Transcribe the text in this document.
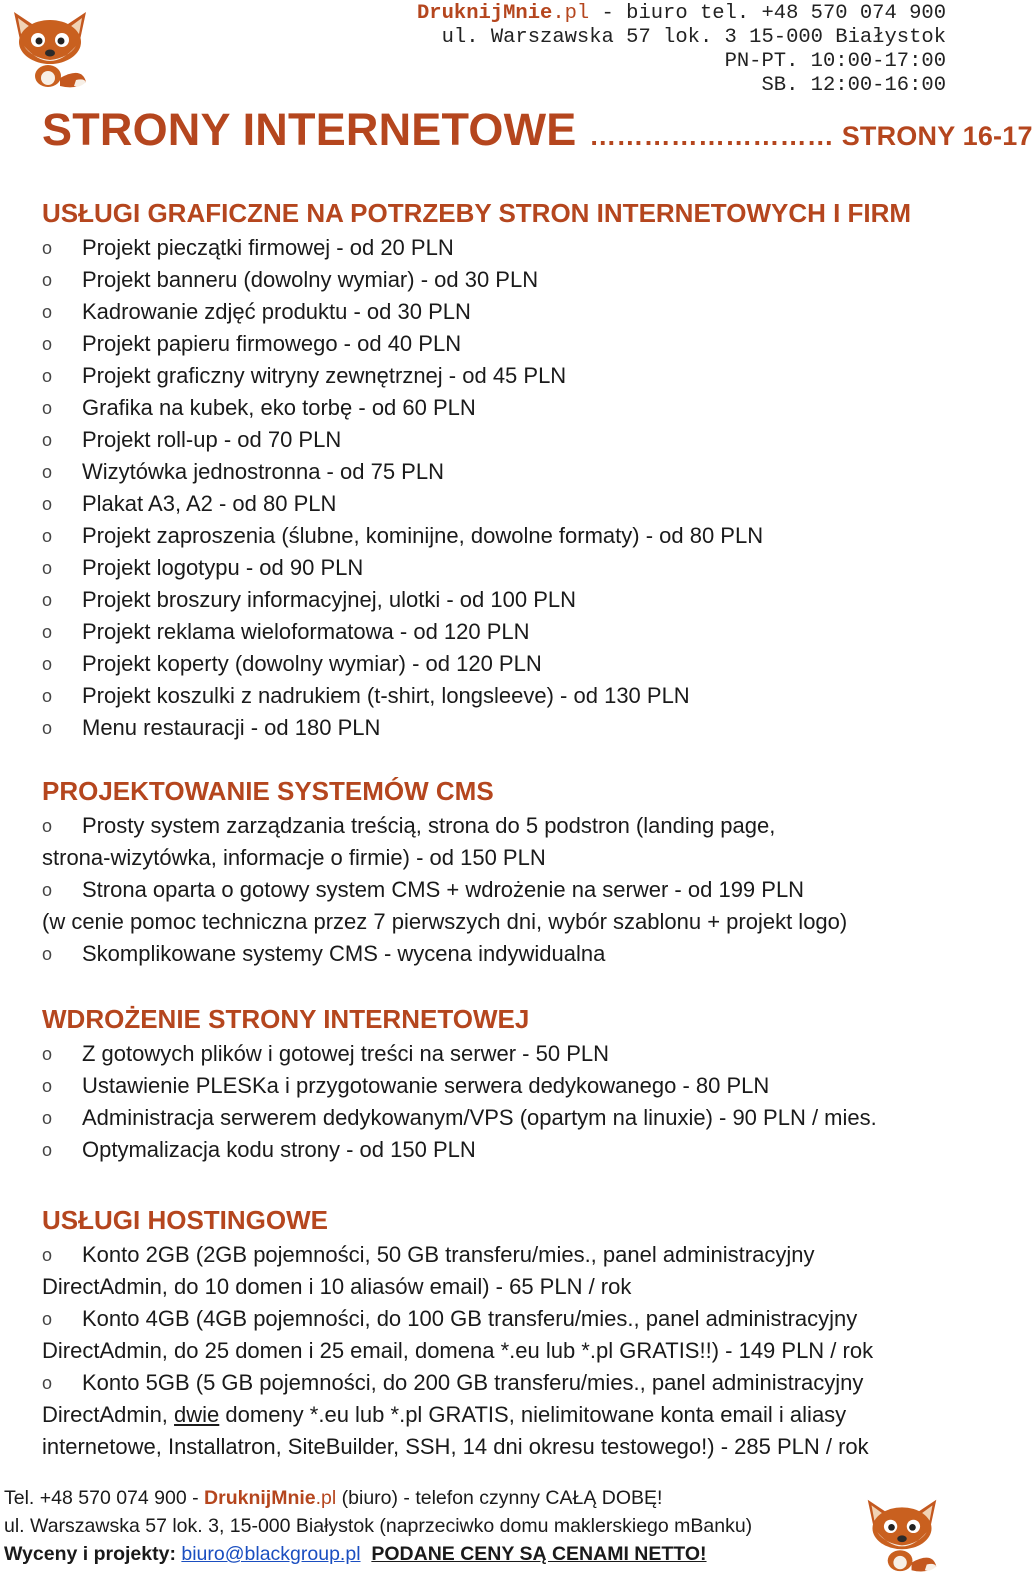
DruknijMnie.pl - biuro tel. +48 570 074 900
ul. Warszawska 57 lok. 3 15-000 Białystok
PN-PT. 10:00-17:00
SB. 12:00-16:00
STRONY INTERNETOWE ……………………… STRONY 16-17
USŁUGI GRAFICZNE NA POTRZEBY STRON INTERNETOWYCH I FIRM
o	Projekt pieczątki firmowej - od 20 PLN
o	Projekt banneru (dowolny wymiar) - od 30 PLN
o	Kadrowanie zdjęć produktu - od 30 PLN
o	Projekt papieru firmowego - od 40 PLN
o	Projekt graficzny witryny zewnętrznej - od 45 PLN
o	Grafika na kubek, eko torbę - od 60 PLN
o	Projekt roll-up - od 70 PLN
o	Wizytówka jednostronna - od 75 PLN
o	Plakat A3, A2 - od 80 PLN
o	Projekt zaproszenia (ślubne, kominijne, dowolne formaty) - od 80 PLN
o	Projekt logotypu - od 90 PLN
o	Projekt broszury informacyjnej, ulotki - od 100 PLN
o	Projekt reklama wieloformatowa - od 120 PLN
o	Projekt koperty (dowolny wymiar) - od 120 PLN
o	Projekt koszulki z nadrukiem (t-shirt, longsleeve) - od 130 PLN
o	Menu restauracji - od 180 PLN
PROJEKTOWANIE SYSTEMÓW CMS
o	Prosty system zarządzania treścią, strona do 5 podstron (landing page,
strona-wizytówka, informacje o firmie) - od 150 PLN
o	Strona oparta o gotowy system CMS + wdrożenie na serwer - od 199 PLN
(w cenie pomoc techniczna przez 7 pierwszych dni, wybór szablonu + projekt logo)
o	Skomplikowane systemy CMS - wycena indywidualna
WDROŻENIE STRONY INTERNETOWEJ
o	Z gotowych plików i gotowej treści na serwer - 50 PLN
o	Ustawienie PLESKa i przygotowanie serwera dedykowanego - 80 PLN
o	Administracja serwerem dedykowanym/VPS (opartym na linuxie) - 90 PLN / mies.
o	Optymalizacja kodu strony - od 150 PLN
USŁUGI HOSTINGOWE
o	Konto 2GB (2GB pojemności, 50 GB transferu/mies., panel administracyjny
DirectAdmin, do 10 domen i 10 aliasów email) - 65 PLN / rok
o	Konto 4GB (4GB pojemności, do 100 GB transferu/mies., panel administracyjny
DirectAdmin, do 25 domen i 25 email, domena *.eu lub *.pl GRATIS!!) - 149 PLN / rok
o	Konto 5GB (5 GB pojemności, do 200 GB transferu/mies., panel administracyjny
DirectAdmin, dwie domeny *.eu lub *.pl GRATIS, nielimitowane konta email i aliasy
internetowe, Installatron, SiteBuilder, SSH, 14 dni okresu testowego!) - 285 PLN / rok
Tel. +48 570 074 900 - DruknijMnie.pl (biuro) - telefon czynny CAŁĄ DOBĘ!
ul. Warszawska 57 lok. 3, 15-000 Białystok (naprzeciwko domu maklerskiego mBanku)
Wyceny i projekty: biuro@blackgroup.pl PODANE CENY SĄ CENAMI NETTO!
